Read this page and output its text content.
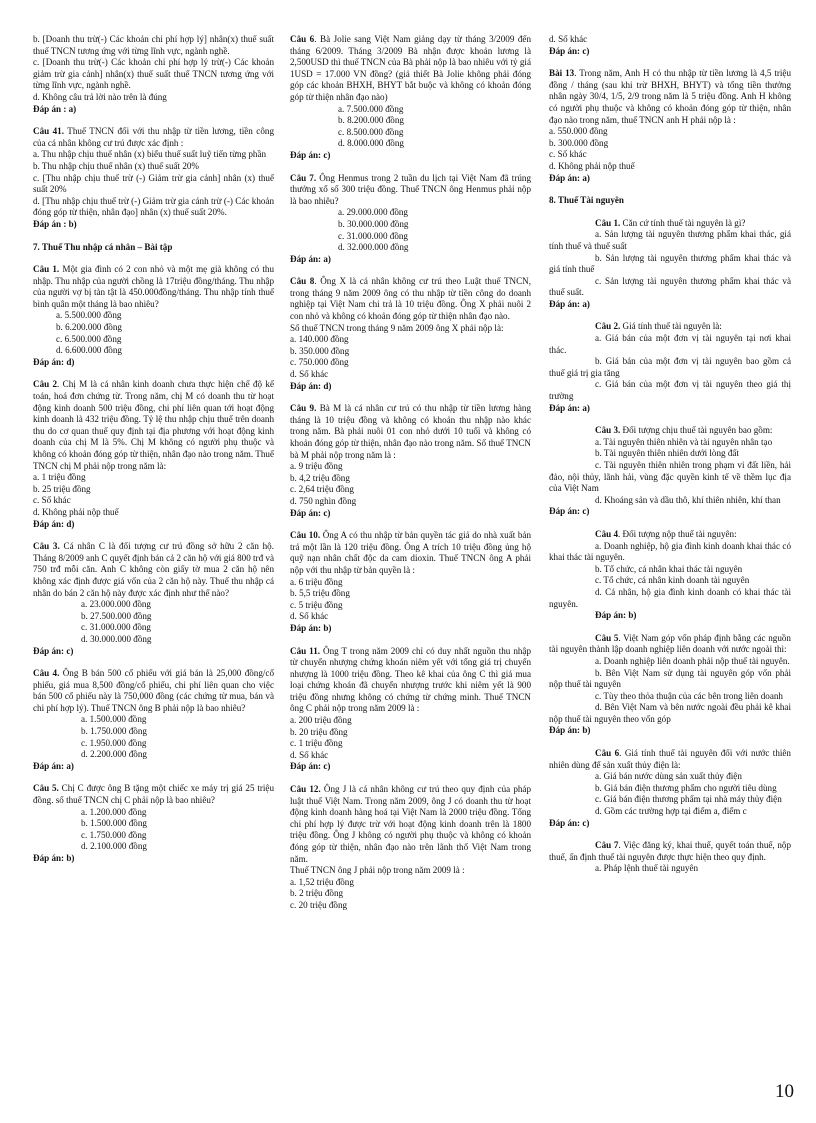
b. [Doanh thu trừ(-) Các khoản chi phí hợp lý] nhân(x) thuế suất thuế TNCN tương ứng với từng lĩnh vực, ngành nghề.
c. [Doanh thu trừ(-) Các khoản chi phí hợp lý trừ(-) Các khoản giảm trừ gia cảnh] nhân(x) thuế suất thuế TNCN tương ứng với từng lĩnh vực, ngành nghề.
d. Không câu trả lời nào trên là đúng
Đáp án : a)
Câu 41. Thuế TNCN đối với thu nhập từ tiền lương, tiền công của cá nhân không cư trú được xác định :
a. Thu nhập chịu thuế nhân (x) biểu thuế suất luỹ tiến từng phần
b. Thu nhập chịu thuế nhân (x) thuế suất 20%
c. [Thu nhập chịu thuế trừ (-) Giảm trừ gia cảnh] nhân (x) thuế suất 20%
d. [Thu nhập chịu thuế trừ (-) Giảm trừ gia cảnh trừ (-) Các khoản đóng góp từ thiện, nhân đạo] nhân (x) thuế suất 20%.
Đáp án : b)
7. Thuế Thu nhập cá nhân – Bài tập
Câu 1. Một gia đình có 2 con nhỏ và một mẹ già không có thu nhập. Thu nhập của người chồng là 17triệu đồng/tháng. Thu nhập của người vợ bị tàn tật là 450.000đồng/tháng. Thu nhập tính thuế bình quân một tháng là bao nhiêu?
a. 5.500.000 đồng
b. 6.200.000 đồng
c. 6.500.000 đồng
d. 6.600.000 đồng
Đáp án: d)
Câu 2. Chị M là cá nhân kinh doanh chưa thực hiện chế độ kế toán, hoá đơn chứng từ. Trong năm, chị M có doanh thu từ hoạt động kinh doanh 500 triệu đồng, chi phí liên quan tới hoạt động kinh doanh là 432 triệu đồng. Tỷ lệ thu nhập chịu thuế trên doanh thu do cơ quan thuế quy định tại địa phương với hoạt động kinh doanh của chị M là 5%. Chị M không có người phụ thuộc và không có khoản đóng góp từ thiện, nhân đạo nào trong năm. Thuế TNCN chị M phải nộp trong năm là:
a. 1 triệu đồng
b. 25 triệu đồng
c. Số khác
d. Không phải nộp thuế
Đáp án: d)
Câu 3. Cá nhân C là đối tượng cư trú đồng sở hữu 2 căn hộ. Tháng 8/2009 anh C quyết định bán cả 2 căn hộ với giá 800 trđ và 750 trđ mỗi căn. Anh C không còn giấy tờ mua 2 căn hộ nên không xác định được giá vốn của 2 căn hộ này. Thuế thu nhập cá nhân do bán 2 căn hộ này được xác định như thế nào?
a. 23.000.000 đồng
b. 27.500.000 đồng
c. 31.000.000 đồng
d. 30.000.000 đồng
Đáp án: c)
Câu 4. Ông B bán 500 cổ phiếu với giá bán là 25,000 đồng/cổ phiếu, giá mua 8,500 đồng/cổ phiếu, chi phí liên quan cho việc bán 500 cổ phiếu này là 750,000 đồng (các chứng từ mua, bán và chi phí hợp lý). Thuế TNCN ông B phải nộp là bao nhiêu?
a. 1.500.000 đồng
b. 1.750.000 đồng
c. 1.950.000 đồng
d. 2.200.000 đồng
Đáp án: a)
Câu 5. Chị C được ông B tặng một chiếc xe máy trị giá 25 triệu đồng. số thuế TNCN chị C phải nộp là bao nhiêu?
a. 1.200.000 đồng
b. 1.500.000 đồng
c. 1.750.000 đồng
d. 2.100.000 đồng
Đáp án: b)
Câu 6. Bà Jolie sang Việt Nam giảng dạy từ tháng 3/2009 đến tháng 6/2009. Tháng 3/2009 Bà nhận được khoản lương là 2,500USD thì thuế TNCN của Bà phải nộp là bao nhiêu với tỷ giá 1USD = 17.000 VN đồng? (giả thiết Bà Jolie không phải đóng góp các khoản BHXH, BHYT bắt buộc và không có khoản đóng góp từ thiện nhân đạo nào)
a. 7.500.000 đồng
b. 8.200.000 đồng
c. 8.500.000 đồng
d. 8.000.000 đồng
Đáp án: c)
Câu 7. Ông Henmus trong 2 tuần du lịch tại Việt Nam đã trúng thưởng xổ số 300 triệu đồng. Thuế TNCN ông Henmus phải nộp là bao nhiêu?
a. 29.000.000 đồng
b. 30.000.000 đồng
c. 31.000.000 đồng
d. 32.000.000 đồng
Đáp án: a)
Câu 8. Ông X là cá nhân không cư trú theo Luật thuế TNCN, trong tháng 9 năm 2009 ông có thu nhập từ tiền công do doanh nghiệp tại Việt Nam chi trả là 10 triệu đồng. Ông X phải nuôi 2 con nhỏ và không có khoản đóng góp từ thiện nhân đạo nào.
Số thuế TNCN trong tháng 9 năm 2009 ông X phải nộp là:
a. 140.000 đồng
b. 350.000 đồng
c. 750.000 đồng
d. Số khác
Đáp án: d)
Câu 9. Bà M là cá nhân cư trú có thu nhập từ tiền lương hàng tháng là 10 triệu đồng và không có khoản thu nhập nào khác trong năm. Bà phải nuôi 01 con nhỏ dưới 10 tuổi và không có khoản đóng góp từ thiện, nhân đạo nào trong năm. Số thuế TNCN bà M phải nộp trong năm là :
a. 9 triệu đồng
b. 4,2 triệu đồng
c. 2,64 triệu đồng
d. 750 nghìn đồng
Đáp án: c)
Câu 10. Ông A có thu nhập từ bản quyền tác giả do nhà xuất bản trả một lần là 120 triệu đồng. Ông A trích 10 triệu đồng ủng hộ quỹ nạn nhân chất độc da cam dioxin. Thuế TNCN ông A phải nộp với thu nhập từ bản quyền là :
a. 6 triệu đồng
b. 5,5 triệu đồng
c. 5 triệu đồng
d. Số khác
Đáp án: b)
Câu 11. Ông T trong năm 2009 chỉ có duy nhất nguồn thu nhập từ chuyển nhượng chứng khoán niêm yết với tổng giá trị chuyển nhượng là 1000 triệu đồng. Theo kê khai của ông C thì giá mua loại chứng khoán đã chuyển nhượng trước khi niêm yết là 900 triệu đồng nhưng không có chứng từ chứng minh. Thuế TNCN ông C phải nộp trong năm 2009 là :
a. 200 triệu đồng
b. 20 triệu đồng
c. 1 triệu đồng
d. Số khác
Đáp án: c)
Câu 12. Ông J là cá nhân không cư trú theo quy định của pháp luật thuế Việt Nam. Trong năm 2009, ông J có doanh thu từ hoạt động kinh doanh hàng hoá tại Việt Nam là 2000 triệu đồng. Tổng chi phí hợp lý được trừ với hoạt động kinh doanh trên là 1800 triệu đồng. Ông J không có người phụ thuộc và không có khoản đóng góp từ thiện, nhân đạo nào trên lãnh thổ Việt Nam trong năm.
Thuế TNCN ông J phải nộp trong năm 2009 là :
a. 1,52 triệu đồng
b. 2 triệu đồng
c. 20 triệu đồng
d. Số khác
Đáp án: c)
Bài 13. Trong năm, Anh H có thu nhập từ tiền lương là 4,5 triệu đồng / tháng (sau khi trừ BHXH, BHYT) và tổng tiền thưởng nhân ngày 30/4, 1/5, 2/9 trong năm là 5 triệu đồng. Anh H không có người phụ thuộc và không có khoản đóng góp từ thiện, nhân đạo nào trong năm, thuế TNCN anh H phải nộp là :
a. 550.000 đồng
b. 300.000 đồng
c. Số khác
d. Không phải nộp thuế
Đáp án: a)
8. Thuế Tài nguyên
Câu 1. Căn cứ tính thuế tài nguyên là gì?
a. Sản lượng tài nguyên thương phẩm khai thác, giá tính thuế và thuế suất
b. Sản lượng tài nguyên thương phẩm khai thác và giá tính thuế
c. Sản lượng tài nguyên thương phẩm khai thác và thuế suất.
Đáp án: a)
Câu 2. Giá tính thuế tài nguyên là:
a. Giá bán của một đơn vị tài nguyên tại nơi khai thác.
b. Giá bán của một đơn vị tài nguyên bao gồm cả thuế giá trị gia tăng
c. Giá bán của một đơn vị tài nguyên theo giá thị trường
Đáp án: a)
Câu 3. Đối tượng chịu thuế tài nguyên bao gồm:
a. Tài nguyên thiên nhiên và tài nguyên nhân tạo
b. Tài nguyên thiên nhiên dưới lòng đất
c. Tài nguyên thiên nhiên trong phạm vi đất liền, hải đảo, nội thủy, lãnh hải, vùng đặc quyền kinh tế về thềm lục địa của Việt Nam
d. Khoáng sản và dầu thô, khí thiên nhiên, khí than
Đáp án: c)
Câu 4. Đối tượng nộp thuế tài nguyên:
a. Doanh nghiệp, hộ gia đình kinh doanh khai thác có khai thác tài nguyên.
b. Tổ chức, cá nhân khai thác tài nguyên
c. Tổ chức, cá nhân kinh doanh tài nguyên
d. Cá nhân, hộ gia đình kinh doanh có khai thác tài nguyên.
Đáp án: b)
Câu 5. Việt Nam góp vốn pháp định bằng các nguồn tài nguyên thành lập doanh nghiệp liên doanh với nước ngoài thì:
a. Doanh nghiệp liên doanh phải nộp thuế tài nguyên.
b. Bên Việt Nam sử dụng tài nguyên góp vốn phải nộp thuế tài nguyên
c. Tùy theo thỏa thuận của các bên trong liên doanh
d. Bên Việt Nam và bên nước ngoài đều phải kê khai nộp thuế tài nguyên theo vốn góp
Đáp án: b)
Câu 6. Giá tính thuế tài nguyên đối với nước thiên nhiên dùng để sản xuất thủy điện là:
a. Giá bán nước dùng sản xuất thủy điện
b. Giá bán điện thương phẩm cho người tiêu dùng
c. Giá bán điện thương phẩm tại nhà máy thủy điện
d. Gồm các trường hợp tại điểm a, điểm c
Đáp án: c)
Câu 7. Việc đăng ký, khai thuế, quyết toán thuế, nộp thuế, ấn định thuế tài nguyên được thực hiện theo quy định.
a. Pháp lệnh thuế tài nguyên
10
